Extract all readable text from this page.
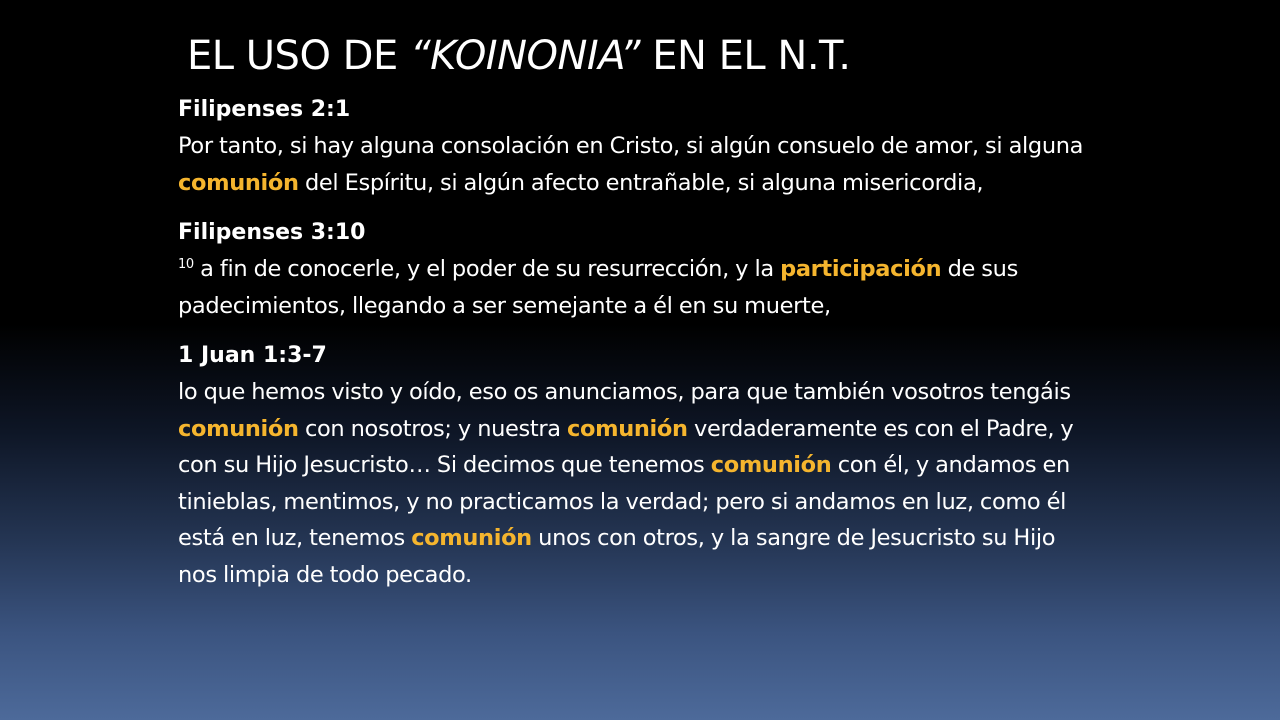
EL USO DE “KOINONIA” EN EL N.T.

Filipenses 2:1
Por tanto, si hay alguna consolación en Cristo, si algún consuelo de amor, si alguna comunión del Espíritu, si algún afecto entrañable, si alguna misericordia,

Filipenses 3:10
$^{10}$ a fin de conocerle, y el poder de su resurrección, y la participación de sus padecimientos, llegando a ser semejante a él en su muerte,

1 Juan 1:3-7
lo que hemos visto y oído, eso os anunciamos, para que también vosotros tengáis comunión con nosotros; y nuestra comunión verdaderamente es con el Padre, y con su Hijo Jesucristo… Si decimos que tenemos comunión con él, y andamos en tinieblas, mentimos, y no practicamos la verdad; pero si andamos en luz, como él está en luz, tenemos comunión unos con otros, y la sangre de Jesucristo su Hijo nos limpia de todo pecado.
